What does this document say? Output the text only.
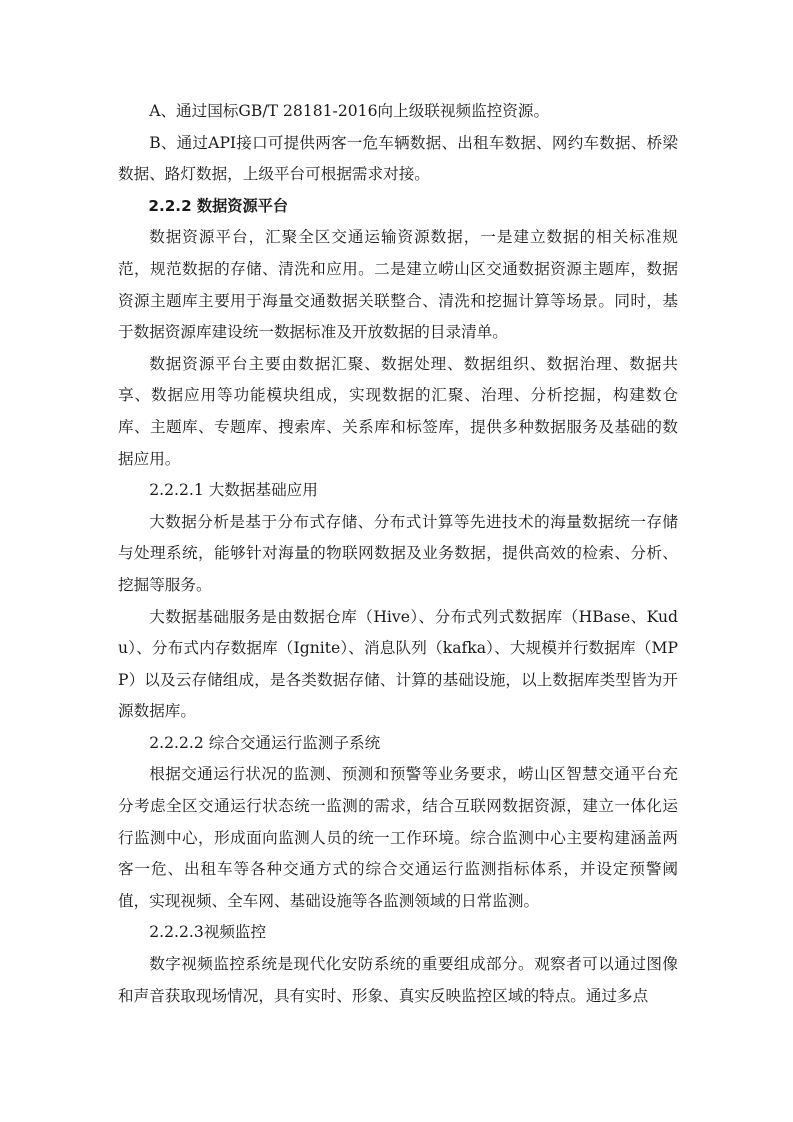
A、通过国标GB/T 28181-2016向上级联视频监控资源。

B、通过API接口可提供两客一危车辆数据、出租车数据、网约车数据、桥梁数据、路灯数据，上级平台可根据需求对接。

2.2.2 数据资源平台

数据资源平台，汇聚全区交通运输资源数据，一是建立数据的相关标准规范，规范数据的存储、清洗和应用。二是建立崂山区交通数据资源主题库，数据资源主题库主要用于海量交通数据关联整合、清洗和挖掘计算等场景。同时，基于数据资源库建设统一数据标准及开放数据的目录清单。

数据资源平台主要由数据汇聚、数据处理、数据组织、数据治理、数据共享、数据应用等功能模块组成，实现数据的汇聚、治理、分析挖掘，构建数仓库、主题库、专题库、搜索库、关系库和标签库，提供多种数据服务及基础的数据应用。

2.2.2.1 大数据基础应用

大数据分析是基于分布式存储、分布式计算等先进技术的海量数据统一存储与处理系统，能够针对海量的物联网数据及业务数据，提供高效的检索、分析、挖掘等服务。

大数据基础服务是由数据仓库（Hive）、分布式列式数据库（HBase、Kudu）、分布式内存数据库（Ignite）、消息队列（kafka）、大规模并行数据库（MPP）以及云存储组成，是各类数据存储、计算的基础设施，以上数据库类型皆为开源数据库。

2.2.2.2 综合交通运行监测子系统

根据交通运行状况的监测、预测和预警等业务要求，崂山区智慧交通平台充分考虑全区交通运行状态统一监测的需求，结合互联网数据资源，建立一体化运行监测中心，形成面向监测人员的统一工作环境。综合监测中心主要构建涵盖两客一危、出租车等各种交通方式的综合交通运行监测指标体系，并设定预警阈值，实现视频、全车网、基础设施等各监测领域的日常监测。

2.2.2.3视频监控

数字视频监控系统是现代化安防系统的重要组成部分。观察者可以通过图像和声音获取现场情况，具有实时、形象、真实反映监控区域的特点。通过多点
